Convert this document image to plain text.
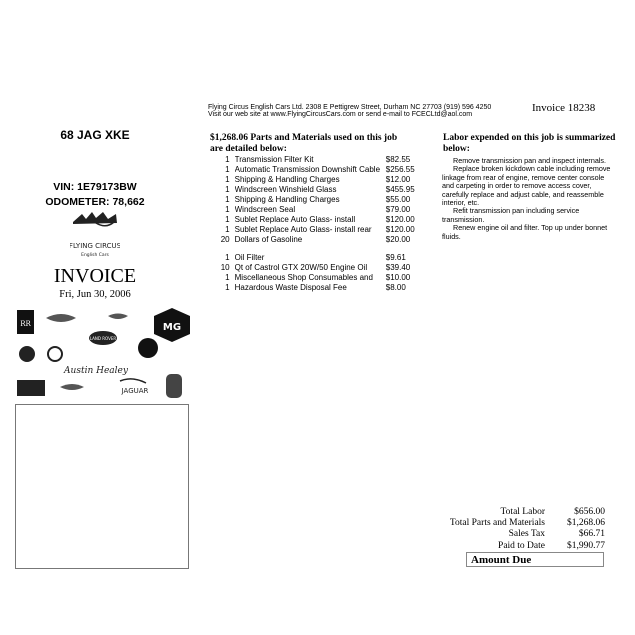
Flying Circus English Cars Ltd. 2308 E Pettigrew Street, Durham NC 27703 (919) 596 4250
Visit our web site at www.FlyingCircusCars.com or send e-mail to FCECLtd@aol.com
Invoice 18238
68 JAG XKE
VIN: 1E79173BW
ODOMETER: 78,662
FLYING CIRCUS
English Cars
INVOICE
Fri, Jun 30, 2006
RR	MG
LAND ROVER
Austin Healey
JAGUAR
$1,268.06 Parts and Materials used on this job are detailed below:
1 Transmission Filter Kit	$82.55
1 Automatic Transmission Downshift Cable $256.55
1 Shipping & Handling Charges	$12.00
1 Windscreen Winshield Glass	$455.95
1 Shipping & Handling Charges	$55.00
1 Windscreen Seal	$79.00
1 Sublet Replace Auto Glass- install	$120.00
1 Sublet Replace Auto Glass- install rear	$120.00
20 Dollars of Gasoline	$20.00
1 Oil Filter	$9.61
10 Qt of Castrol GTX 20W/50 Engine Oil	$39.40
1 Miscellaneous Shop Consumables and	$10.00
1 Hazardous Waste Disposal Fee	$8.00
Labor expended on this job is summarized below:

Remove transmission pan and inspect internals.

Replace broken kickdown cable including remove linkage from rear of engine, remove center console and carpeting in order to remove access cover, carefully replace and adjust cable, and reassemble interior, etc.

Refit transmission pan including service transmission.

Renew engine oil and filter. Top up under bonnet fluids.

Total Labor	$656.00
Total Parts and Materials	$1,268.06
Sales Tax	$66.71
Paid to Date	$1,990.77
Amount Due
